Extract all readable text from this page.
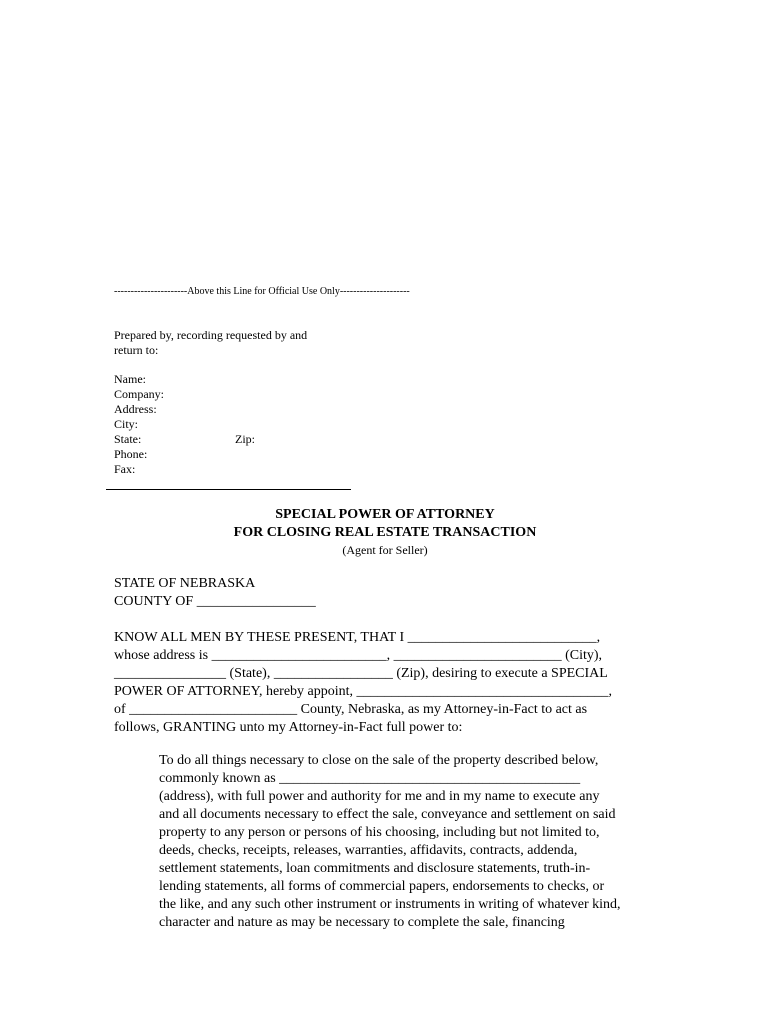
----------------------Above this Line for Official Use Only---------------------
Prepared by, recording requested by and
return to:
Name:
Company:
Address:
City:
State:
Phone:
Fax:
Zip:
SPECIAL POWER OF ATTORNEY
FOR CLOSING REAL ESTATE TRANSACTION
(Agent for Seller)
STATE OF NEBRASKA
COUNTY OF _________________
KNOW ALL MEN BY THESE PRESENT, THAT I ___________________________,
whose address is _________________________, ________________________ (City),
________________ (State), _________________ (Zip), desiring to execute a SPECIAL
POWER OF ATTORNEY, hereby appoint, ____________________________________,
of ________________________ County, Nebraska, as my Attorney-in-Fact to act as
follows, GRANTING unto my Attorney-in-Fact full power to:
To do all things necessary to close on the sale of the property described below,
commonly known as ___________________________________________
(address), with full power and authority for me and in my name to execute any
and all documents necessary to effect the sale, conveyance and settlement on said
property to any person or persons of his choosing, including but not limited to,
deeds, checks, receipts, releases, warranties, affidavits, contracts, addenda,
settlement statements, loan commitments and disclosure statements, truth-in-
lending statements, all forms of commercial papers, endorsements to checks, or
the like, and any such other instrument or instruments in writing of whatever kind,
character and nature as may be necessary to complete the sale, financing
